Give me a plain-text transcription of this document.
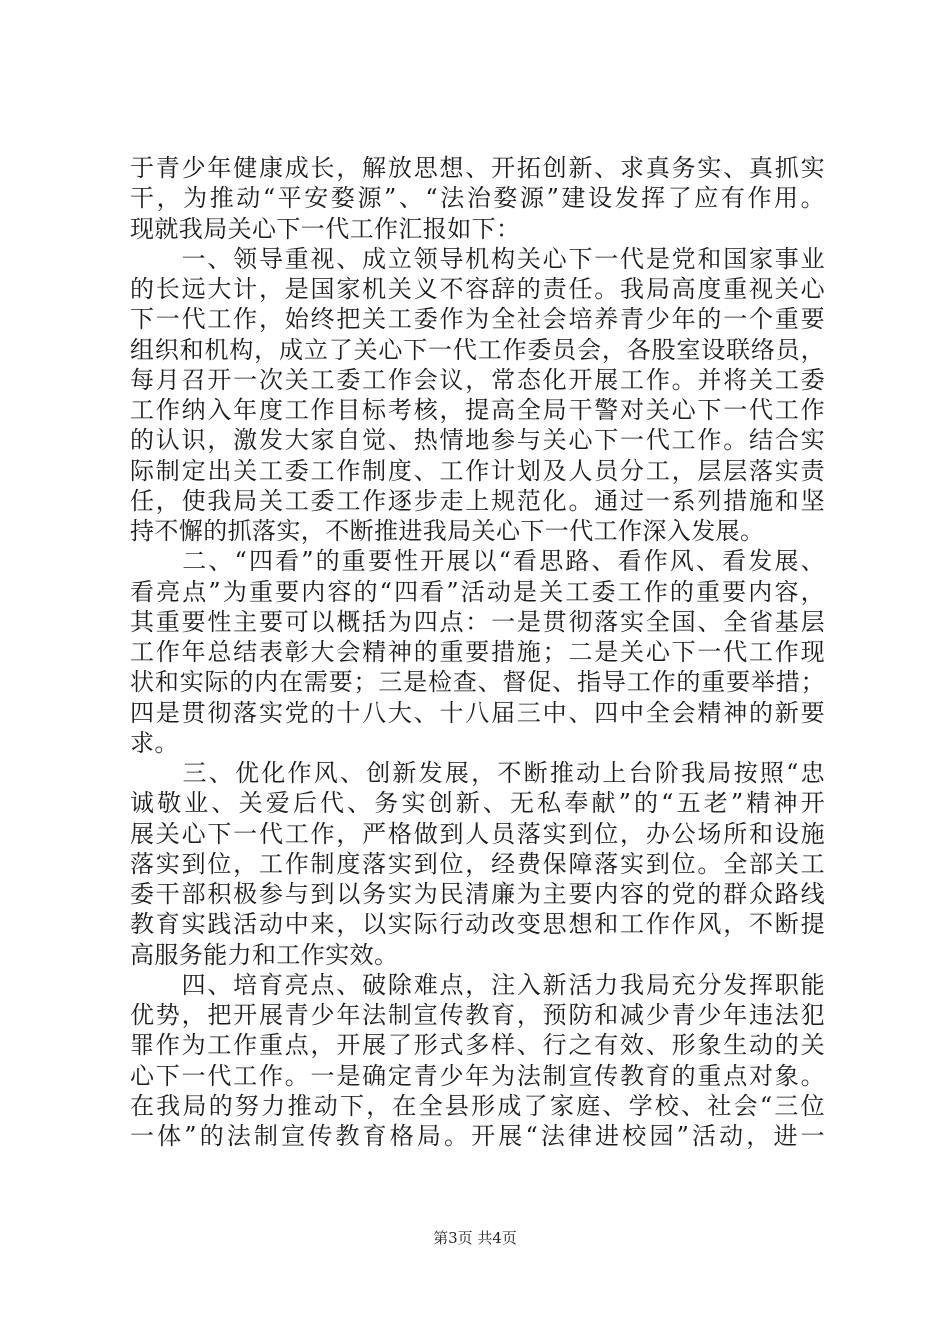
于青少年健康成长，解放思想、开拓创新、求真务实、真抓实
干，为推动“平安婺源”、“法治婺源”建设发挥了应有作用。
现就我局关心下一代工作汇报如下：
　　一、领导重视、成立领导机构关心下一代是党和国家事业
的长远大计，是国家机关义不容辞的责任。我局高度重视关心
下一代工作，始终把关工委作为全社会培养青少年的一个重要
组织和机构，成立了关心下一代工作委员会，各股室设联络员，
每月召开一次关工委工作会议，常态化开展工作。并将关工委
工作纳入年度工作目标考核，提高全局干警对关心下一代工作
的认识，激发大家自觉、热情地参与关心下一代工作。结合实
际制定出关工委工作制度、工作计划及人员分工，层层落实责
任，使我局关工委工作逐步走上规范化。通过一系列措施和坚
持不懈的抓落实，不断推进我局关心下一代工作深入发展。
　　二、“四看”的重要性开展以“看思路、看作风、看发展、
看亮点”为重要内容的“四看”活动是关工委工作的重要内容，
其重要性主要可以概括为四点：一是贯彻落实全国、全省基层
工作年总结表彰大会精神的重要措施；二是关心下一代工作现
状和实际的内在需要；三是检查、督促、指导工作的重要举措；
四是贯彻落实党的十八大、十八届三中、四中全会精神的新要
求。
　　三、优化作风、创新发展，不断推动上台阶我局按照“忠
诚敬业、关爱后代、务实创新、无私奉献”的“五老”精神开
展关心下一代工作，严格做到人员落实到位，办公场所和设施
落实到位，工作制度落实到位，经费保障落实到位。全部关工
委干部积极参与到以务实为民清廉为主要内容的党的群众路线
教育实践活动中来，以实际行动改变思想和工作作风，不断提
高服务能力和工作实效。
　　四、培育亮点、破除难点，注入新活力我局充分发挥职能
优势，把开展青少年法制宣传教育，预防和减少青少年违法犯
罪作为工作重点，开展了形式多样、行之有效、形象生动的关
心下一代工作。一是确定青少年为法制宣传教育的重点对象。
在我局的努力推动下，在全县形成了家庭、学校、社会“三位
一体”的法制宣传教育格局。开展“法律进校园”活动，进一
第3页 共4页
